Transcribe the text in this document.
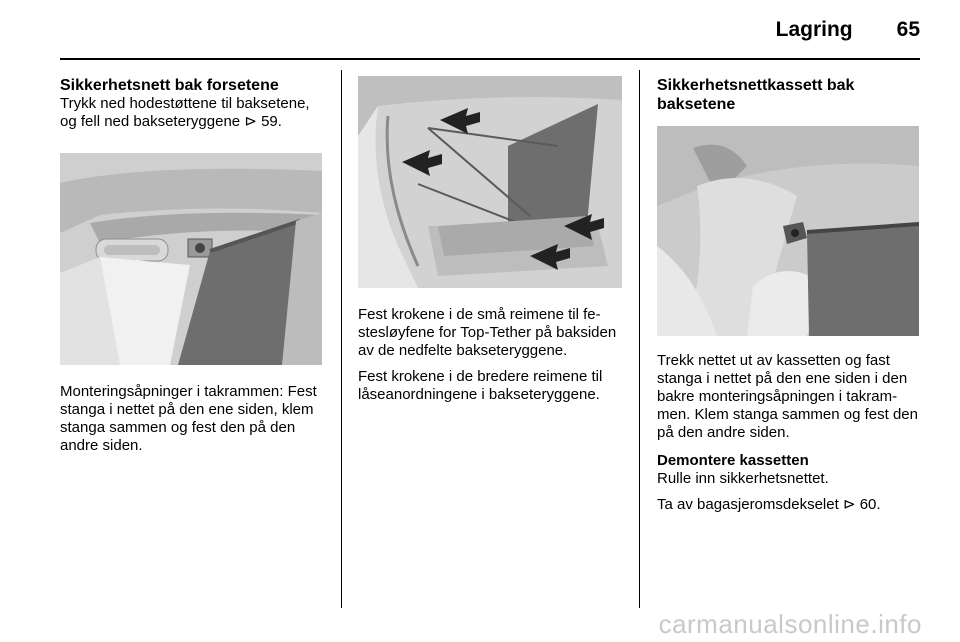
Lagring 65
Sikkerhetsnett bak forsetene

Trykk ned hodestøttene til baksetene, og fell ned bakseteryggene ⊳ 59.

Monteringsåpninger i takrammen: Fest stanga i nettet på den ene siden, klem stanga sammen og fest den på den andre siden.

Fest krokene i de små reimene til festesløyfene for Top-Tether på baksiden av de nedfelte bakseteryggene.

Fest krokene i de bredere reimene til låseanordningene i bakseteryggene.

Sikkerhetsnettkassett bak baksetene

Trekk nettet ut av kassetten og fast stanga i nettet på den ene siden i den bakre monteringsåpningen i takrammen. Klem stanga sammen og fest den på den andre siden.

Demontere kassetten

Rulle inn sikkerhetsnettet.

Ta av bagasjeromsdekselet ⊳ 60.

carmanualsonline.info
